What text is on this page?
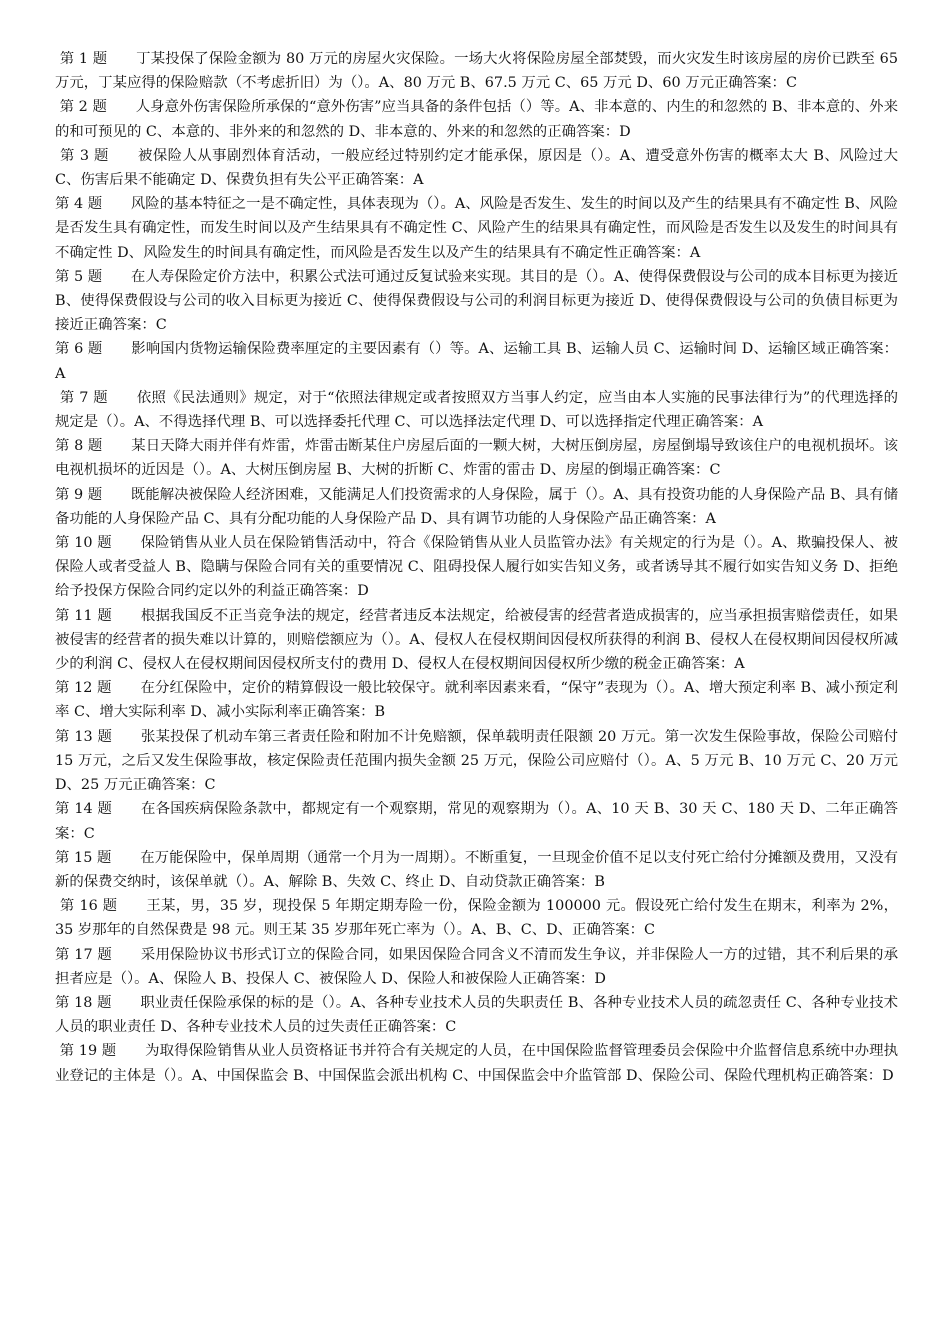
第 1 题   丁某投保了保险金额为 80 万元的房屋火灾保险。一场大火将保险房屋全部焚毁，而火灾发生时该房屋的房价已跌至 65 万元，丁某应得的保险赔款（不考虑折旧）为（）。A、80 万元 B、67.5 万元 C、65 万元 D、60 万元正确答案：C

第 2 题   人身意外伤害保险所承保的“意外伤害”应当具备的条件包括（）等。A、非本意的、内生的和忽然的 B、非本意的、外来的和可预见的 C、本意的、非外来的和忽然的 D、非本意的、外来的和忽然的正确答案：D

第 3 题   被保险人从事剧烈体育活动，一般应经过特别约定才能承保，原因是（）。A、遭受意外伤害的概率太大 B、风险过大 C、伤害后果不能确定 D、保费负担有失公平正确答案：A

第 4 题   风险的基本特征之一是不确定性，具体表现为（）。A、风险是否发生、发生的时间以及产生的结果具有不确定性 B、风险是否发生具有确定性，而发生时间以及产生结果具有不确定性 C、风险产生的结果具有确定性，而风险是否发生以及发生的时间具有不确定性 D、风险发生的时间具有确定性，而风险是否发生以及产生的结果具有不确定性正确答案：A

第 5 题   在人寿保险定价方法中，积累公式法可通过反复试验来实现。其目的是（）。A、使得保费假设与公司的成本目标更为接近 B、使得保费假设与公司的收入目标更为接近 C、使得保费假设与公司的利润目标更为接近 D、使得保费假设与公司的负债目标更为接近正确答案：C

第 6 题   影响国内货物运输保险费率厘定的主要因素有（）等。A、运输工具 B、运输人员 C、运输时间 D、运输区域正确答案：A

第 7 题   依照《民法通则》规定，对于“依照法律规定或者按照双方当事人约定，应当由本人实施的民事法律行为”的代理选择的规定是（）。A、不得选择代理 B、可以选择委托代理 C、可以选择法定代理 D、可以选择指定代理正确答案：A

第 8 题   某日天降大雨并伴有炸雷，炸雷击断某住户房屋后面的一颗大树，大树压倒房屋，房屋倒塌导致该住户的电视机损坏。该电视机损坏的近因是（）。A、大树压倒房屋 B、大树的折断 C、炸雷的雷击 D、房屋的倒塌正确答案：C

第 9 题   既能解决被保险人经济困难，又能满足人们投资需求的人身保险，属于（）。A、具有投资功能的人身保险产品 B、具有储备功能的人身保险产品 C、具有分配功能的人身保险产品 D、具有调节功能的人身保险产品正确答案：A

第 10 题   保险销售从业人员在保险销售活动中，符合《保险销售从业人员监管办法》有关规定的行为是（）。A、欺骗投保人、被保险人或者受益人 B、隐瞒与保险合同有关的重要情况 C、阻碍投保人履行如实告知义务，或者诱导其不履行如实告知义务 D、拒绝给予投保方保险合同约定以外的利益正确答案：D

第 11 题   根据我国反不正当竞争法的规定，经营者违反本法规定，给被侵害的经营者造成损害的，应当承担损害赔偿责任，如果被侵害的经营者的损失难以计算的，则赔偿额应为（）。A、侵权人在侵权期间因侵权所获得的利润 B、侵权人在侵权期间因侵权所减少的利润 C、侵权人在侵权期间因侵权所支付的费用 D、侵权人在侵权期间因侵权所少缴的税金正确答案：A

第 12 题   在分红保险中，定价的精算假设一般比较保守。就利率因素来看，“保守”表现为（）。A、增大预定利率 B、减小预定利率 C、增大实际利率 D、减小实际利率正确答案：B

第 13 题   张某投保了机动车第三者责任险和附加不计免赔额，保单载明责任限额 20 万元。第一次发生保险事故，保险公司赔付 15 万元，之后又发生保险事故，核定保险责任范围内损失金额 25 万元，保险公司应赔付（）。A、5 万元 B、10 万元 C、20 万元 D、25 万元正确答案：C

第 14 题   在各国疾病保险条款中，都规定有一个观察期，常见的观察期为（）。A、10 天 B、30 天 C、180 天 D、二年正确答案：C

第 15 题   在万能保险中，保单周期（通常一个月为一周期）。不断重复，一旦现金价值不足以支付死亡给付分摊额及费用，又没有新的保费交纳时，该保单就（）。A、解除 B、失效 C、终止 D、自动贷款正确答案：B

第 16 题   王某，男，35 岁，现投保 5 年期定期寿险一份，保险金额为 100000 元。假设死亡给付发生在期末，利率为 2%，35 岁那年的自然保费是 98 元。则王某 35 岁那年死亡率为（）。A、B、C、D、正确答案：C

第 17 题   采用保险协议书形式订立的保险合同，如果因保险合同含义不清而发生争议，并非保险人一方的过错，其不利后果的承担者应是（）。A、保险人 B、投保人 C、被保险人 D、保险人和被保险人正确答案：D

第 18 题   职业责任保险承保的标的是（）。A、各种专业技术人员的失职责任 B、各种专业技术人员的疏忽责任 C、各种专业技术人员的职业责任 D、各种专业技术人员的过失责任正确答案：C

第 19 题   为取得保险销售从业人员资格证书并符合有关规定的人员，在中国保险监督管理委员会保险中介监督信息系统中办理执业登记的主体是（）。A、中国保监会 B、中国保监会派出机构 C、中国保监会中介监管部 D、保险公司、保险代理机构正确答案：D
